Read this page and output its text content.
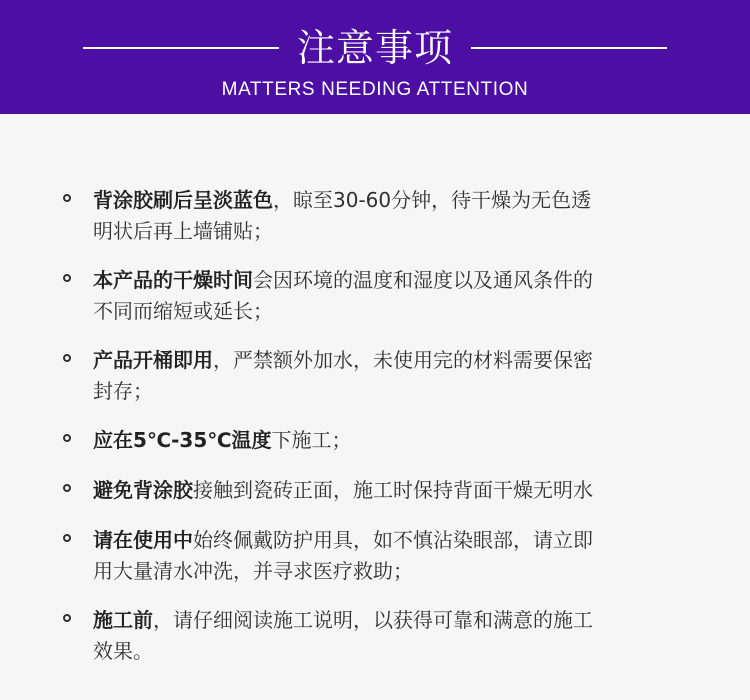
注意事项
MATTERS NEEDING ATTENTION
背涂胶刷后呈淡蓝色，晾至30-60分钟，待干燥为无色透
明状后再上墙铺贴；
本产品的干燥时间会因环境的温度和湿度以及通风条件的
不同而缩短或延长；
产品开桶即用，严禁额外加水，未使用完的材料需要保密
封存；
应在5℃-35℃温度下施工；
避免背涂胶接触到瓷砖正面，施工时保持背面干燥无明水
请在使用中始终佩戴防护用具，如不慎沾染眼部，请立即
用大量清水冲洗，并寻求医疗救助；
施工前，请仔细阅读施工说明，以获得可靠和满意的施工
效果。
